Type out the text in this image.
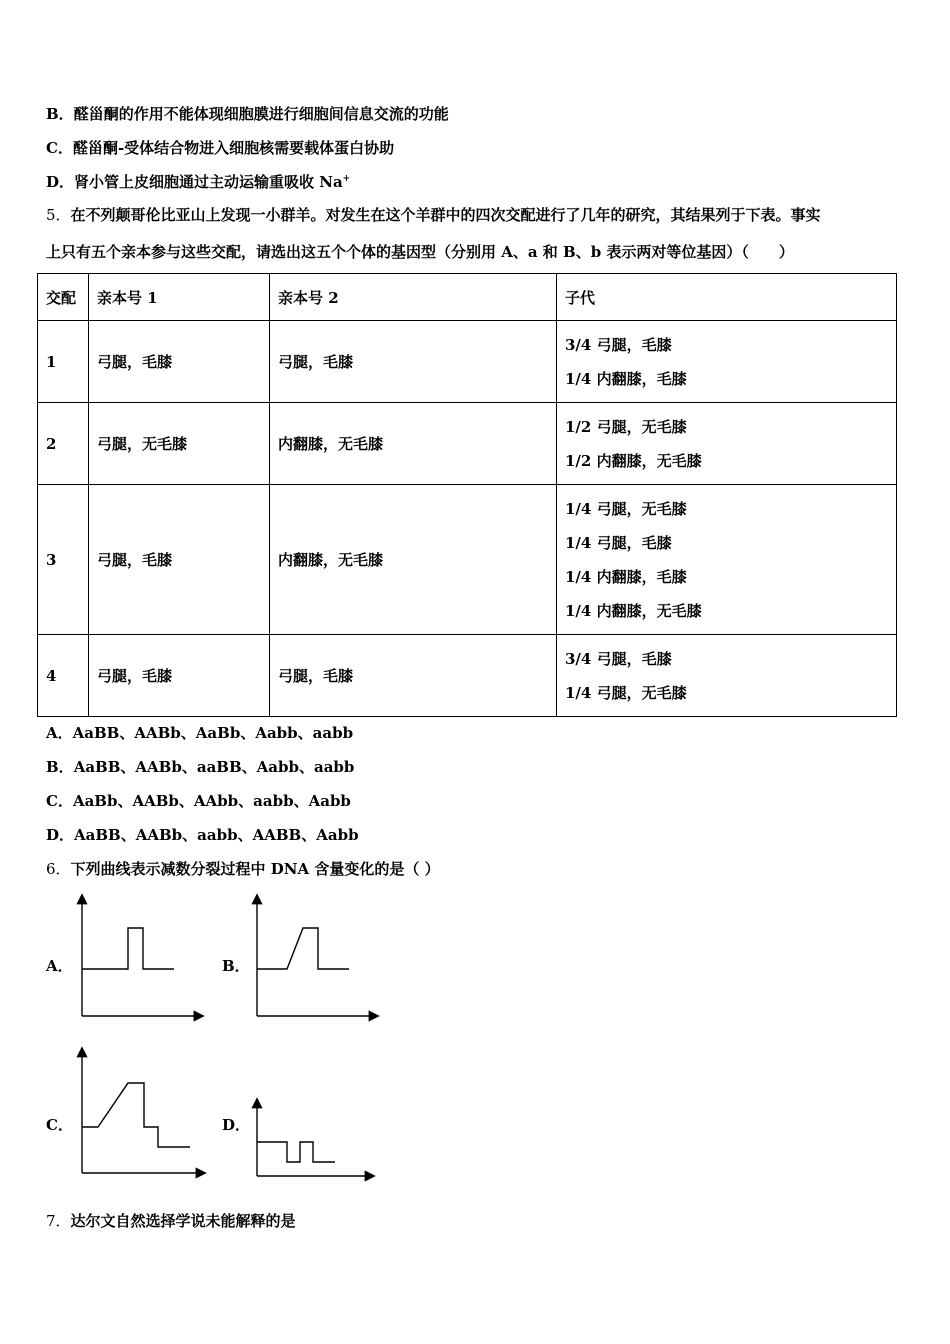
B．醛甾酮的作用不能体现细胞膜进行细胞间信息交流的功能
C．醛甾酮-受体结合物进入细胞核需要载体蛋白协助
D．肾小管上皮细胞通过主动运输重吸收 Na+
5．在不列颠哥伦比亚山上发现一小群羊。对发生在这个羊群中的四次交配进行了几年的研究，其结果列于下表。事实
上只有五个亲本参与这些交配，请选出这五个个体的基因型（分别用 A、a 和 B、b 表示两对等位基因）（　　）
交配	亲本号 1	亲本号 2	子代
1	弓腿，毛膝	弓腿，毛膝	3/4 弓腿，毛膝
1/4 内翻膝，毛膝

2	弓腿，无毛膝	内翻膝，无毛膝	1/2 弓腿，无毛膝
1/2 内翻膝，无毛膝

3	弓腿，毛膝	内翻膝，无毛膝	1/4 弓腿，无毛膝
1/4 弓腿，毛膝
1/4 内翻膝，毛膝
1/4 内翻膝，无毛膝

4	弓腿，毛膝	弓腿，毛膝	3/4 弓腿，毛膝
1/4 弓腿，无毛膝
A．AaBB、AABb、AaBb、Aabb、aabb
B．AaBB、AABb、aaBB、Aabb、aabb
C．AaBb、AABb、AAbb、aabb、Aabb
D．AaBB、AABb、aabb、AABB、Aabb
6．下列曲线表示减数分裂过程中 DNA 含量变化的是（ ）
A．	B．
C．	D．
7．达尔文自然选择学说未能解释的是
